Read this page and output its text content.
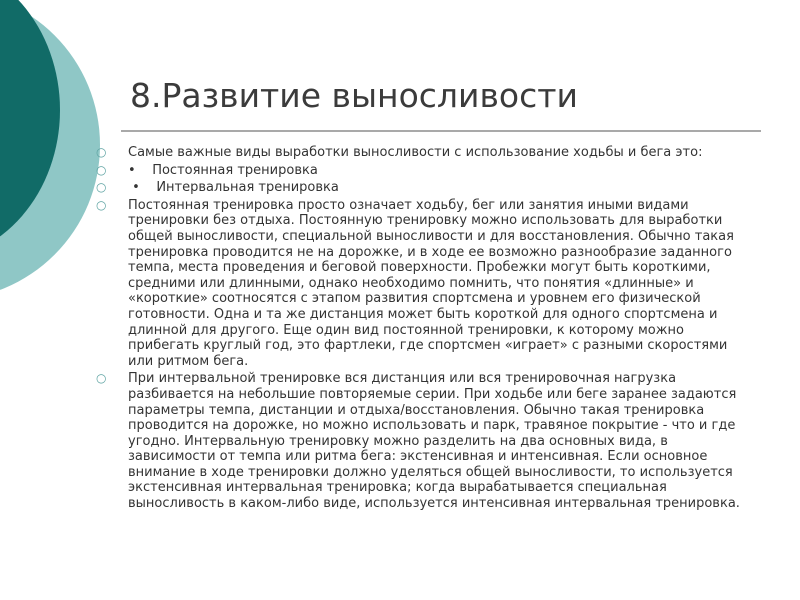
8.Развитие выносливости
○ Самые важные виды выработки выносливости с использование ходьбы и бега это:
○ •    Постоянная тренировка
○ •    Интервальная тренировка
○ Постоянная тренировка просто означает ходьбу, бег или занятия иными видами тренировки без отдыха. Постоянную тренировку можно использовать для выработки общей выносливости, специальной выносливости и для восстановления. Обычно такая тренировка проводится не на дорожке, и в ходе ее возможно разнообразие заданного темпа, места проведения и беговой поверхности. Пробежки могут быть короткими, средними или длинными, однако необходимо помнить, что понятия «длинные» и «короткие» соотносятся с этапом развития спортсмена и уровнем его физической готовности. Одна и та же дистанция может быть короткой для одного спортсмена и длинной для другого. Еще один вид постоянной тренировки, к которому можно прибегать круглый год, это фартлеки, где спортсмен «играет» с разными скоростями или ритмом бега.
○ При интервальной тренировке вся дистанция или вся тренировочная нагрузка разбивается на небольшие повторяемые серии. При ходьбе или беге заранее задаются параметры темпа, дистанции и отдыха/восстановления. Обычно такая тренировка проводится на дорожке, но можно использовать и парк, травяное покрытие - что и где угодно. Интервальную тренировку можно разделить на два основных вида, в зависимости от темпа или ритма бега: экстенсивная и интенсивная. Если основное внимание в ходе тренировки должно уделяться общей выносливости, то используется экстенсивная интервальная тренировка; когда вырабатывается специальная выносливость в каком-либо виде, используется интенсивная интервальная тренировка.
